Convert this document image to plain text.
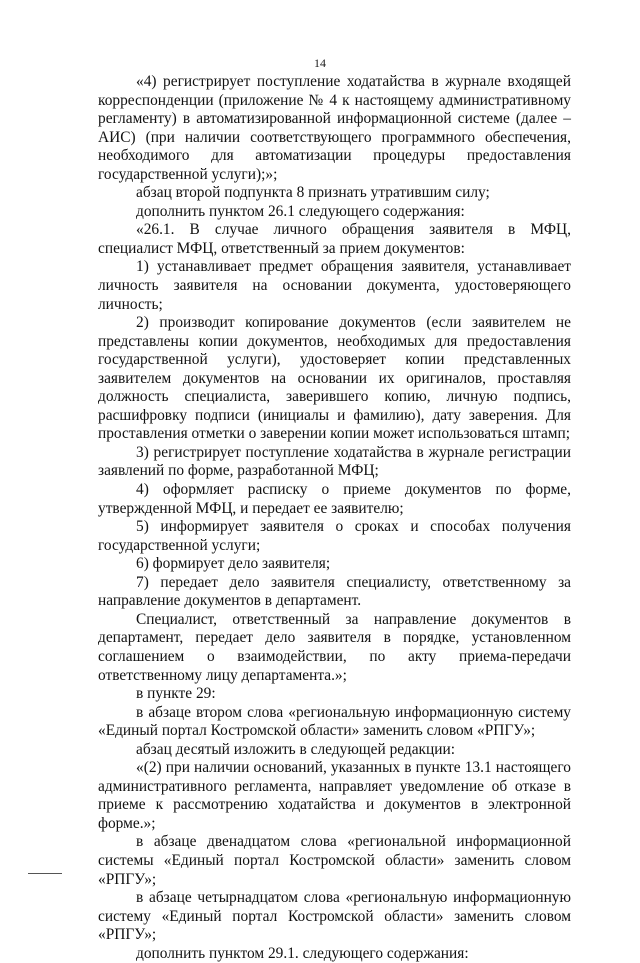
14

«4) регистрирует поступление ходатайства в журнале входящей корреспонденции (приложение № 4 к настоящему административному регламенту) в автоматизированной информационной системе (далее – АИС) (при наличии соответствующего программного обеспечения, необходимого для автоматизации процедуры предоставления государственной услуги);»;

абзац второй подпункта 8 признать утратившим силу;

дополнить пунктом 26.1 следующего содержания:

«26.1. В случае личного обращения заявителя в МФЦ, специалист МФЦ, ответственный за прием документов:

1) устанавливает предмет обращения заявителя, устанавливает личность заявителя на основании документа, удостоверяющего личность;

2) производит копирование документов (если заявителем не представлены копии документов, необходимых для предоставления государственной услуги), удостоверяет копии представленных заявителем документов на основании их оригиналов, проставляя должность специалиста, заверившего копию, личную подпись, расшифровку подписи (инициалы и фамилию), дату заверения. Для проставления отметки о заверении копии может использоваться штамп;

3) регистрирует поступление ходатайства в журнале регистрации заявлений по форме, разработанной МФЦ;

4) оформляет расписку о приеме документов по форме, утвержденной МФЦ, и передает ее заявителю;

5) информирует заявителя о сроках и способах получения государственной услуги;

6) формирует дело заявителя;

7) передает дело заявителя специалисту, ответственному за направление документов в департамент.

Специалист, ответственный за направление документов в департамент, передает дело заявителя в порядке, установленном соглашением о взаимодействии, по акту приема-передачи ответственному лицу департамента.»;

в пункте 29:

в абзаце втором слова «региональную информационную систему «Единый портал Костромской области» заменить словом «РПГУ»;

абзац десятый изложить в следующей редакции:

«(2) при наличии оснований, указанных в пункте 13.1 настоящего административного регламента, направляет уведомление об отказе в приеме к рассмотрению ходатайства и документов в электронной форме.»;

в абзаце двенадцатом слова «региональной информационной системы «Единый портал Костромской области» заменить словом «РПГУ»;

в абзаце четырнадцатом слова «региональную информационную систему «Единый портал Костромской области» заменить словом «РПГУ»;

дополнить пунктом 29.1. следующего содержания:
